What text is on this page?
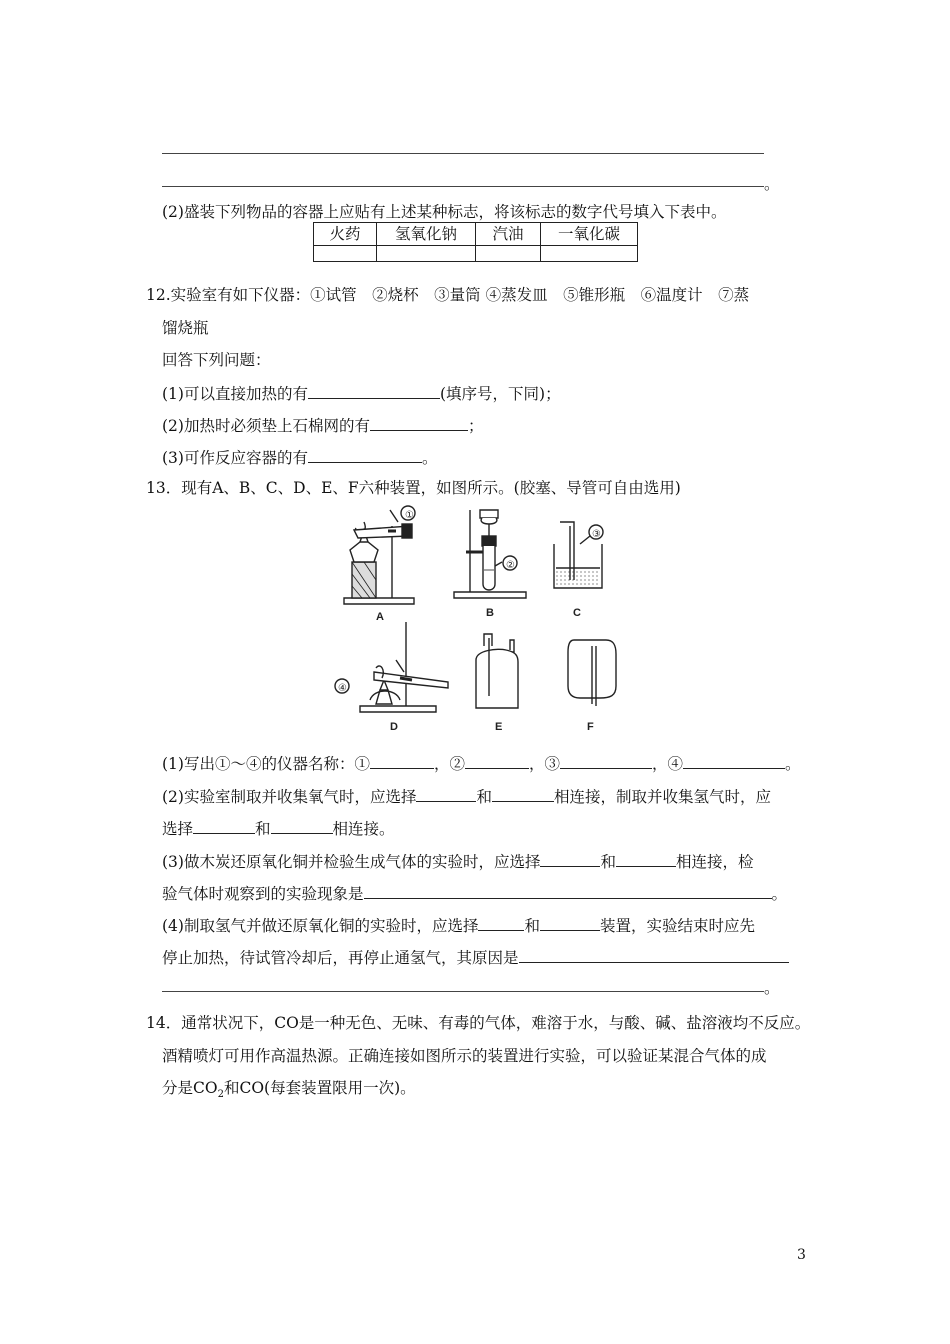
。
(2)盛装下列物品的容器上应贴有上述某种标志，将该标志的数字代号填入下表中。
火药	氢氧化钠	汽油	一氧化碳

12.实验室有如下仪器：①试管　②烧杯　③量筒 ④蒸发皿　⑤锥形瓶　⑥温度计　⑦蒸
馏烧瓶
回答下列问题：
(1)可以直接加热的有	(填序号，下同)；
(2)加热时必须垫上石棉网的有	；
(3)可作反应容器的有	。
13．现有A、B、C、D、E、F六种装置，如图所示。(胶塞、导管可自由选用)
①
A
②
B
③
C
④
D	E	F
(1)写出①～④的仪器名称：①	，②	，③	，④	。
(2)实验室制取并收集氧气时，应选择	和	相连接，制取并收集氢气时，应
选择	和	相连接。
(3)做木炭还原氧化铜并检验生成气体的实验时，应选择	和	相连接，检
验气体时观察到的实验现象是	。
(4)制取氢气并做还原氧化铜的实验时，应选择	和	装置，实验结束时应先
停止加热，待试管冷却后，再停止通氢气，其原因是
。
14．通常状况下，CO是一种无色、无味、有毒的气体，难溶于水，与酸、碱、盐溶液均不反应。
酒精喷灯可用作高温热源。正确连接如图所示的装置进行实验，可以验证某混合气体的成
分是$CO_2$和CO(每套装置限用一次)。
3
